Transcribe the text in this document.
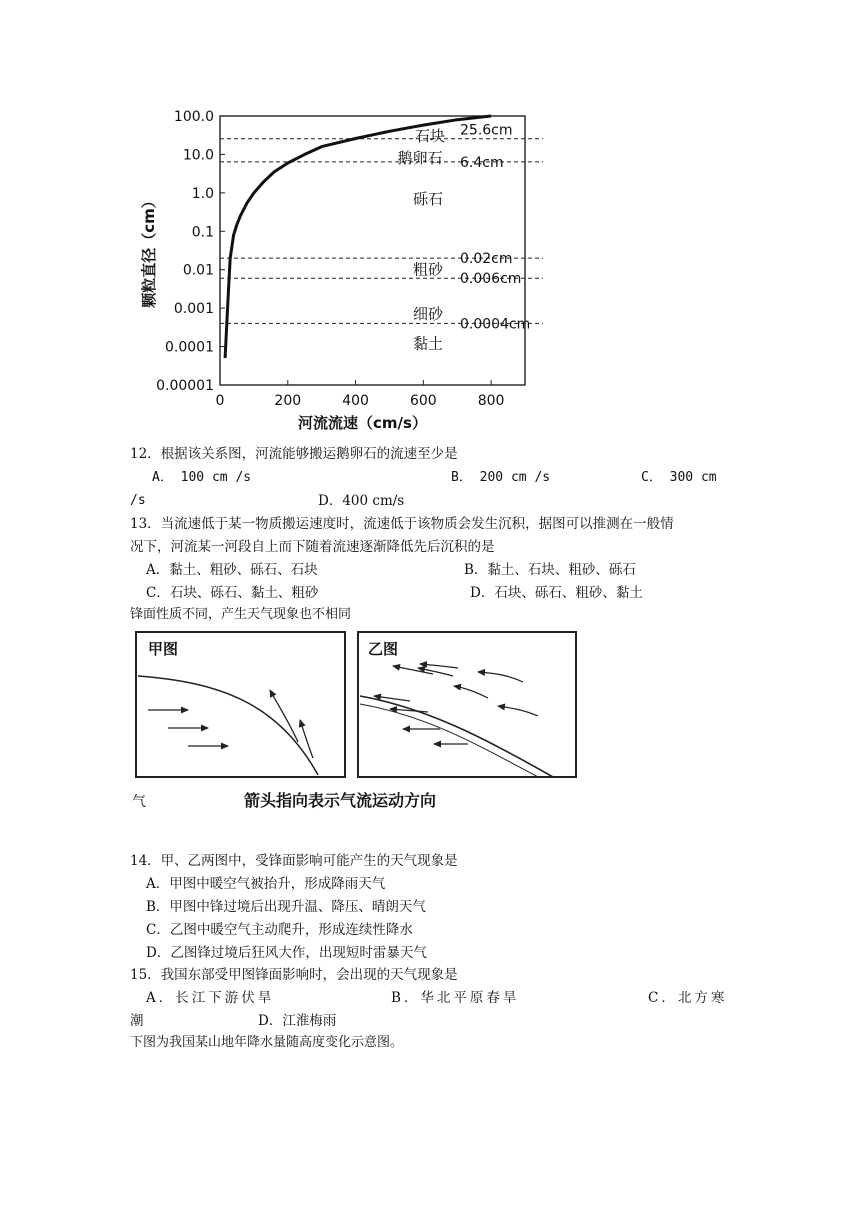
100.0
10.0
1.0
0.1
0.01
0.001
0.0001
0.00001
0	200	400	600	800
25.6cm
6.4cm
0.02cm
0.006cm
0.0004cm
石块
鹅卵石
砾石
粗砂
细砂
黏土
河流流速（cm/s）
颗粒直径（cm）
12．根据该关系图，河流能够搬运鹅卵石的流速至少是
A． 100 cm /s	B． 200 cm /s	C． 300 cm
/s	D．400 cm/s
13．当流速低于某一物质搬运速度时，流速低于该物质会发生沉积，据图可以推测在一般情
况下，河流某一河段自上而下随着流速逐渐降低先后沉积的是
A．黏土、粗砂、砾石、石块	B．黏土、石块、粗砂、砾石
C．石块、砾石、黏土、粗砂	D．石块、砾石、粗砂、黏土
锋面性质不同，产生天气现象也不相同
甲图	乙图
气	箭头指向表示气流运动方向
14．甲、乙两图中，受锋面影响可能产生的天气现象是
A．甲图中暖空气被抬升，形成降雨天气
B．甲图中锋过境后出现升温、降压、晴朗天气
C．乙图中暖空气主动爬升，形成连续性降水
D．乙图锋过境后狂风大作，出现短时雷暴天气
15．我国东部受甲图锋面影响时，会出现的天气现象是
A．长江下游伏旱	B．华北平原春旱	C．北方寒
潮	D．江淮梅雨
下图为我国某山地年降水量随高度变化示意图。
